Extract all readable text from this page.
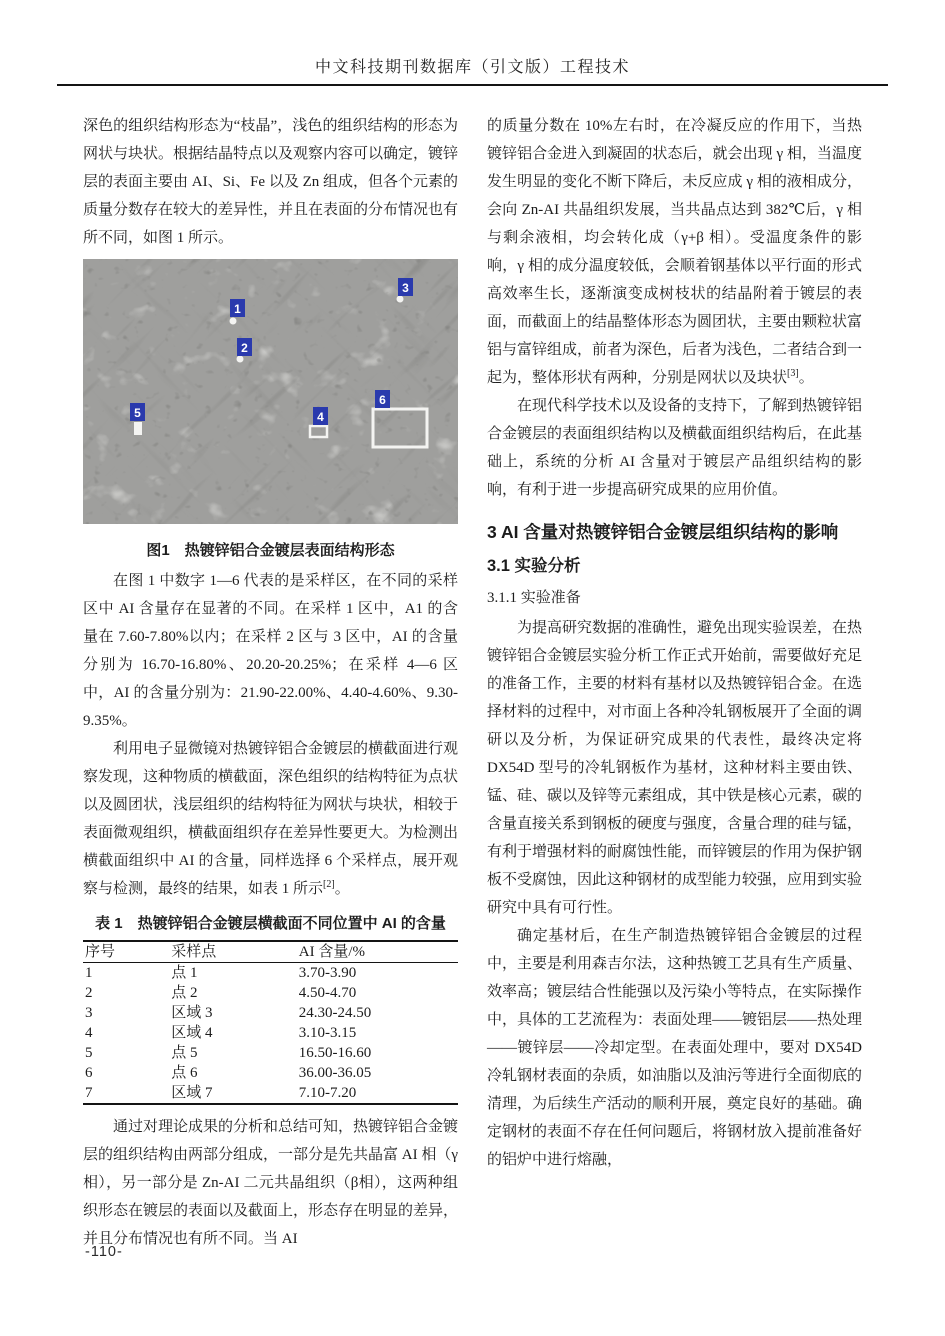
中文科技期刊数据库（引文版）工程技术

深色的组织结构形态为“枝晶”，浅色的组织结构的形态为网状与块状。根据结晶特点以及观察内容可以确定，镀锌层的表面主要由 AI、Si、Fe 以及 Zn 组成，但各个元素的质量分数存在较大的差异性，并且在表面的分布情况也有所不同，如图 1 所示。

1
2
3
4
5
6
图1　热镀锌铝合金镀层表面结构形态

在图 1 中数字 1—6 代表的是采样区，在不同的采样区中 AI 含量存在显著的不同。在采样 1 区中，A1 的含量在 7.60-7.80%以内；在采样 2 区与 3 区中，AI 的含量分别为 16.70-16.80%、20.20-20.25%；在采样 4—6 区中，AI 的含量分别为：21.90-22.00%、4.40-4.60%、9.30-9.35%。

利用电子显微镜对热镀锌铝合金镀层的横截面进行观察发现，这种物质的横截面，深色组织的结构特征为点状以及圆团状，浅层组织的结构特征为网状与块状，相较于表面微观组织，横截面组织存在差异性要更大。为检测出横截面组织中 AI 的含量，同样选择 6 个采样点，展开观察与检测，最终的结果，如表 1 所示[2]。

表 1　热镀锌铝合金镀层横截面不同位置中 AI 的含量
序号	采样点	AI 含量/%
1	点 1	3.70-3.90
2	点 2	4.50-4.70
3	区域 3	24.30-24.50
4	区域 4	3.10-3.15
5	点 5	16.50-16.60
6	点 6	36.00-36.05
7	区域 7	7.10-7.20

通过对理论成果的分析和总结可知，热镀锌铝合金镀层的组织结构由两部分组成，一部分是先共晶富 AI 相（γ相），另一部分是 Zn-AI 二元共晶组织（β相），这两种组织形态在镀层的表面以及截面上，形态存在明显的差异，并且分布情况也有所不同。当 AI

的质量分数在 10%左右时，在冷凝反应的作用下，当热镀锌铝合金进入到凝固的状态后，就会出现 γ 相，当温度发生明显的变化不断下降后，未反应成 γ 相的液相成分，会向 Zn-AI 共晶组织发展，当共晶点达到 382℃后，γ 相与剩余液相，均会转化成（γ+β 相）。受温度条件的影响，γ 相的成分温度较低，会顺着钢基体以平行面的形式高效率生长，逐渐演变成树枝状的结晶附着于镀层的表面，而截面上的结晶整体形态为圆团状，主要由颗粒状富铝与富锌组成，前者为深色，后者为浅色，二者结合到一起为，整体形状有两种，分别是网状以及块状[3]。

在现代科学技术以及设备的支持下，了解到热镀锌铝合金镀层的表面组织结构以及横截面组织结构后，在此基础上，系统的分析 AI 含量对于镀层产品组织结构的影响，有利于进一步提高研究成果的应用价值。

3 AI 含量对热镀锌铝合金镀层组织结构的影响
3.1 实验分析
3.1.1 实验准备

为提高研究数据的准确性，避免出现实验误差，在热镀锌铝合金镀层实验分析工作正式开始前，需要做好充足的准备工作，主要的材料有基材以及热镀锌铝合金。在选择材料的过程中，对市面上各种冷轧钢板展开了全面的调研以及分析，为保证研究成果的代表性，最终决定将 DX54D 型号的冷轧钢板作为基材，这种材料主要由铁、锰、硅、碳以及锌等元素组成，其中铁是核心元素，碳的含量直接关系到钢板的硬度与强度，含量合理的硅与锰，有利于增强材料的耐腐蚀性能，而锌镀层的作用为保护钢板不受腐蚀，因此这种钢材的成型能力较强，应用到实验研究中具有可行性。

确定基材后，在生产制造热镀锌铝合金镀层的过程中，主要是利用森吉尔法，这种热镀工艺具有生产质量、效率高；镀层结合性能强以及污染小等特点，在实际操作中，具体的工艺流程为：表面处理——镀铝层——热处理——镀锌层——冷却定型。在表面处理中，要对 DX54D 冷轧钢材表面的杂质，如油脂以及油污等进行全面彻底的清理，为后续生产活动的顺利开展，奠定良好的基础。确定钢材的表面不存在任何问题后，将钢材放入提前准备好的铝炉中进行熔融，

-110-
